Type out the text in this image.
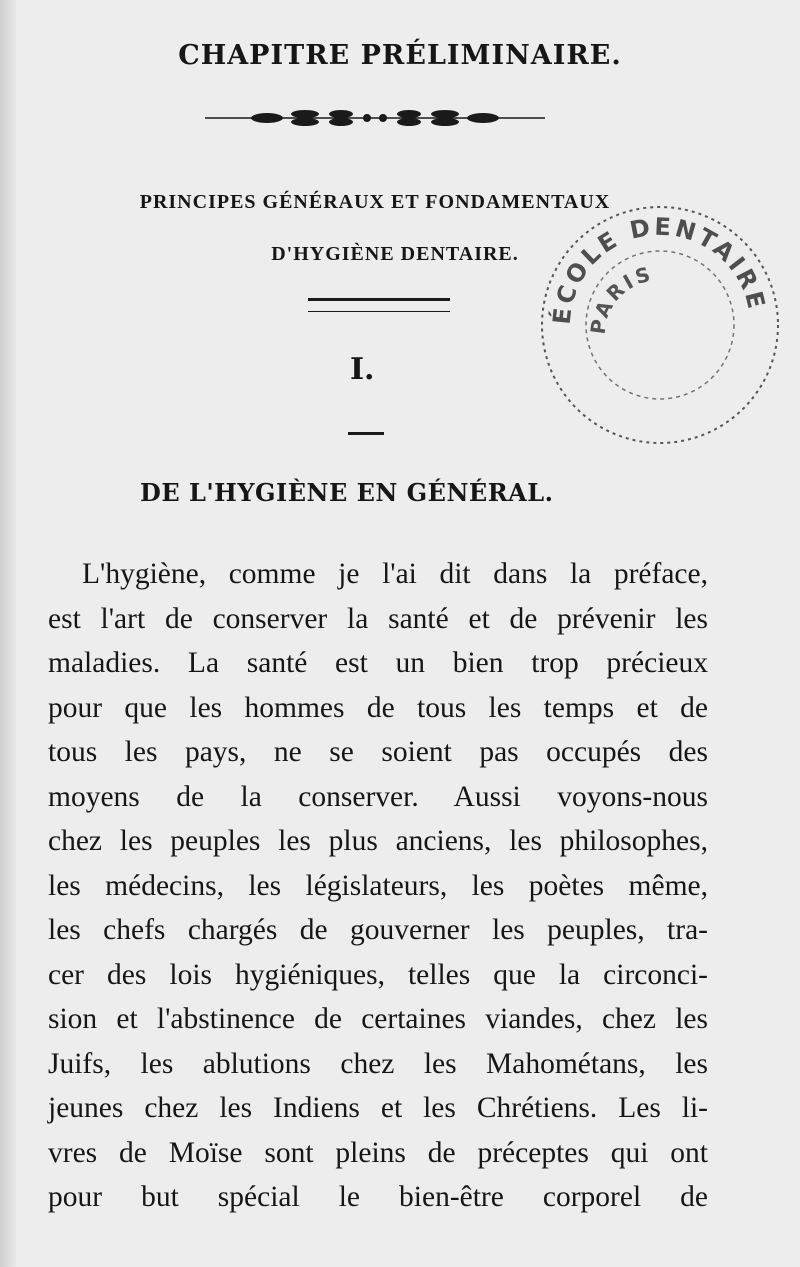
CHAPITRE PRÉLIMINAIRE.
PRINCIPES GÉNÉRAUX ET FONDAMENTAUX
D'HYGIÈNE DENTAIRE.
I.
DE L'HYGIÈNE EN GÉNÉRAL.
L'hygiène, comme je l'ai dit dans la préface,
est l'art de conserver la santé et de prévenir les
maladies. La santé est un bien trop précieux
pour que les hommes de tous les temps et de
tous les pays, ne se soient pas occupés des
moyens de la conserver. Aussi voyons-nous
chez les peuples les plus anciens, les philosophes,
les médecins, les législateurs, les poètes même,
les chefs chargés de gouverner les peuples, tra-
cer des lois hygiéniques, telles que la circonci-
sion et l'abstinence de certaines viandes, chez les
Juifs, les ablutions chez les Mahométans, les
jeunes chez les Indiens et les Chrétiens. Les li-
vres de Moïse sont pleins de préceptes qui ont
pour but spécial le bien-être corporel de
ÉCOLE DENTAIRE
PARIS
